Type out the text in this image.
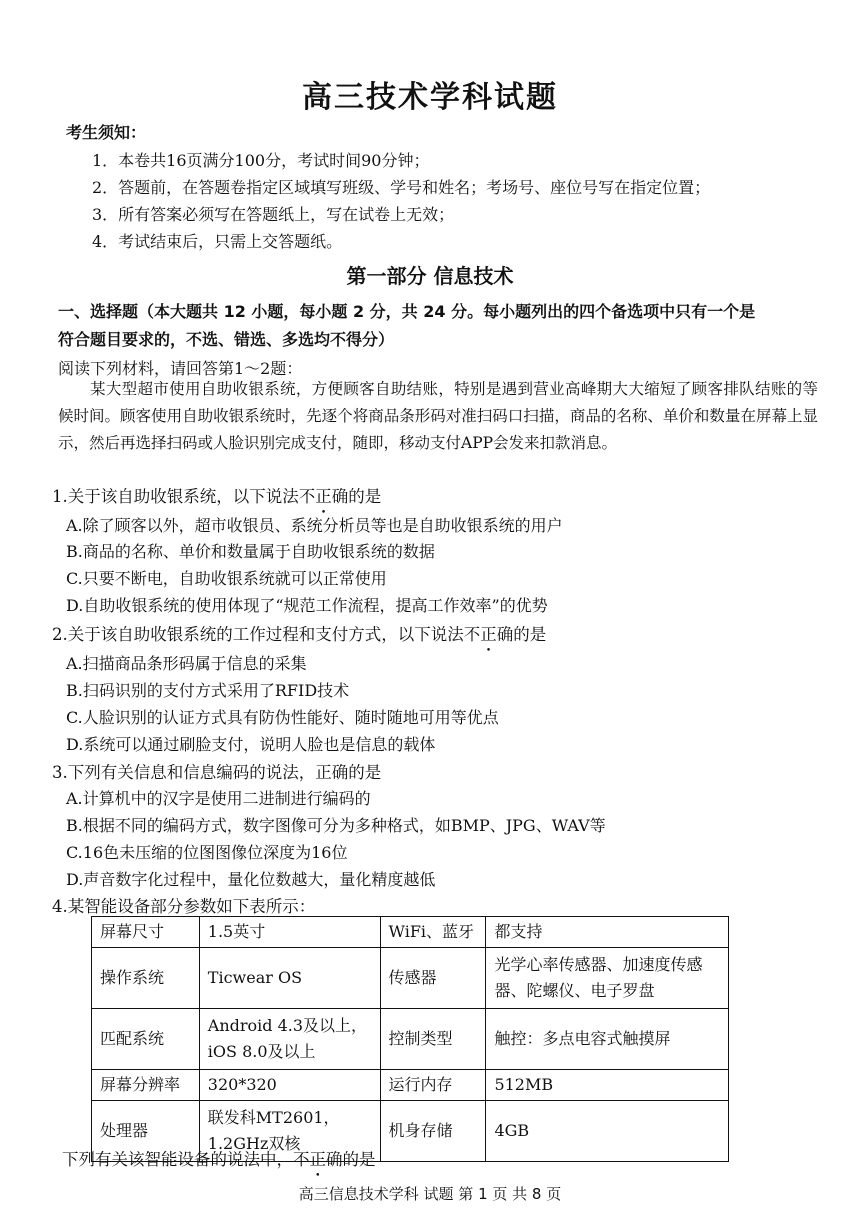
高三技术学科试题
考生须知：
1．本卷共16页满分100分，考试时间90分钟；
2．答题前，在答题卷指定区域填写班级、学号和姓名；考场号、座位号写在指定位置；
3．所有答案必须写在答题纸上，写在试卷上无效；
4．考试结束后，只需上交答题纸。
第一部分 信息技术
一、选择题（本大题共 12 小题，每小题 2 分，共 24 分。每小题列出的四个备选项中只有一个是
符合题目要求的，不选、错选、多选均不得分）
阅读下列材料，请回答第1～2题：
某大型超市使用自助收银系统，方便顾客自助结账，特别是遇到营业高峰期大大缩短了顾客排队结账的等候时间。顾客使用自助收银系统时，先逐个将商品条形码对准扫码口扫描，商品的名称、单价和数量在屏幕上显示，然后再选择扫码或人脸识别完成支付，随即，移动支付APP会发来扣款消息。
1.关于该自助收银系统，以下说法不正确的是
A.除了顾客以外，超市收银员、系统分析员等也是自助收银系统的用户
B.商品的名称、单价和数量属于自助收银系统的数据
C.只要不断电，自助收银系统就可以正常使用
D.自助收银系统的使用体现了“规范工作流程，提高工作效率”的优势
2.关于该自助收银系统的工作过程和支付方式，以下说法不正确的是
A.扫描商品条形码属于信息的采集
B.扫码识别的支付方式采用了RFID技术
C.人脸识别的认证方式具有防伪性能好、随时随地可用等优点
D.系统可以通过刷脸支付，说明人脸也是信息的载体
3.下列有关信息和信息编码的说法，正确的是
A.计算机中的汉字是使用二进制进行编码的
B.根据不同的编码方式，数字图像可分为多种格式，如BMP、JPG、WAV等
C.16色未压缩的位图图像位深度为16位
D.声音数字化过程中，量化位数越大，量化精度越低
4.某智能设备部分参数如下表所示：
屏幕尺寸	1.5英寸	WiFi、蓝牙	都支持
操作系统	Ticwear OS	传感器	光学心率传感器、加速度传感器、陀螺仪、电子罗盘
匹配系统	Android 4.3及以上，iOS 8.0及以上	控制类型	触控：多点电容式触摸屏
屏幕分辨率	320*320	运行内存	512MB
处理器	联发科MT2601，1.2GHz双核	机身存储	4GB
下列有关该智能设备的说法中，不正确的是
高三信息技术学科 试题 第 1 页 共 8 页
